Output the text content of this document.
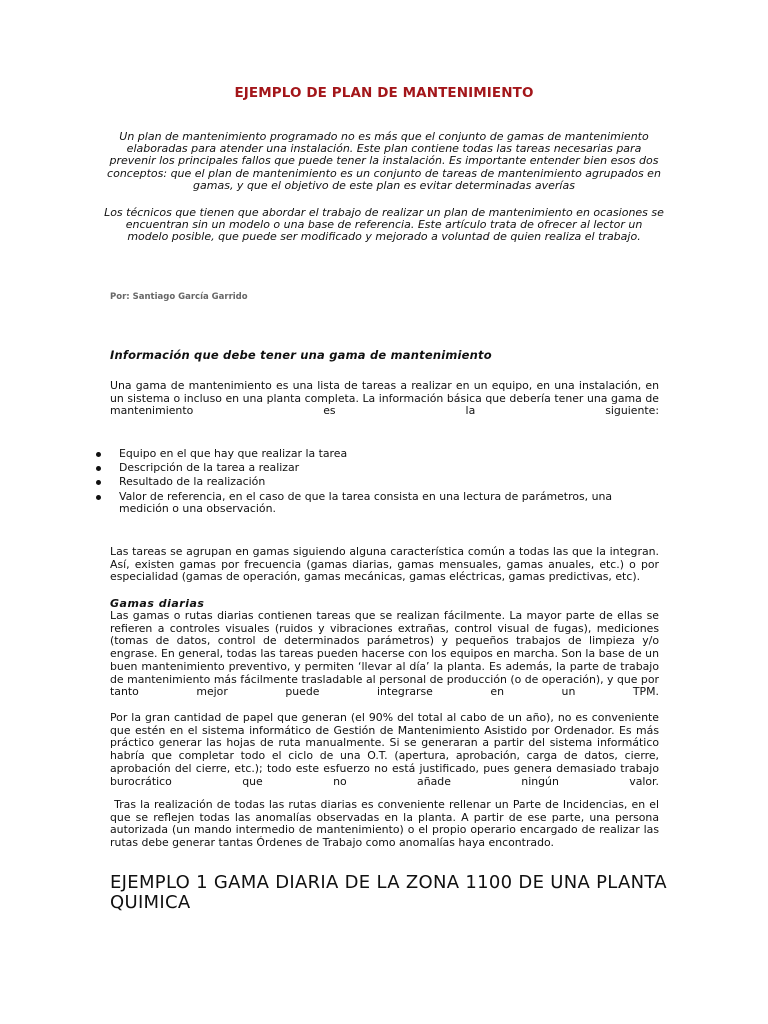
EJEMPLO DE PLAN DE MANTENIMIENTO

Un plan de mantenimiento programado no es más que el conjunto de gamas de mantenimiento elaboradas para atender una instalación. Este plan contiene todas las tareas necesarias para prevenir los principales fallos que puede tener la instalación. Es importante entender bien esos dos conceptos: que el plan de mantenimiento es un conjunto de tareas de mantenimiento agrupados en gamas, y que el objetivo de este plan es evitar determinadas averías

Los técnicos que tienen que abordar el trabajo de realizar un plan de mantenimiento en ocasiones se encuentran sin un modelo o una base de referencia. Este artículo trata de ofrecer al lector un modelo posible, que puede ser modificado y mejorado a voluntad de quien realiza el trabajo.

Por: Santiago García Garrido

Información que debe tener una gama de mantenimiento

Una gama de mantenimiento es una lista de tareas a realizar en un equipo, en una instalación, en un sistema o incluso en una planta completa. La información básica que debería tener una gama de mantenimiento es la siguiente:

Equipo en el que hay que realizar la tarea
Descripción de la tarea a realizar
Resultado de la realización
Valor de referencia, en el caso de que la tarea consista en una lectura de parámetros, una medición o una observación.

Las tareas se agrupan en gamas siguiendo alguna característica común a todas las que la integran. Así, existen gamas por frecuencia (gamas diarias, gamas mensuales, gamas anuales, etc.) o por especialidad (gamas de operación, gamas mecánicas, gamas eléctricas, gamas predictivas, etc).

Gamas diarias

Las gamas o rutas diarias contienen tareas que se realizan fácilmente. La mayor parte de ellas se refieren a controles visuales (ruidos y vibraciones extrañas, control visual de fugas), mediciones (tomas de datos, control de determinados parámetros) y pequeños trabajos de limpieza y/o engrase. En general, todas las tareas pueden hacerse con los equipos en marcha. Son la base de un buen mantenimiento preventivo, y permiten ‘llevar al día’ la planta. Es además, la parte de trabajo de mantenimiento más fácilmente trasladable al personal de producción (o de operación), y que por tanto mejor puede integrarse en un TPM.

Por la gran cantidad de papel que generan (el 90% del total al cabo de un año), no es conveniente que estén en el sistema informático de Gestión de Mantenimiento Asistido por Ordenador. Es más práctico generar las hojas de ruta manualmente. Si se generaran a partir del sistema informático habría que completar todo el ciclo de una O.T. (apertura, aprobación, carga de datos, cierre, aprobación del cierre, etc.); todo este esfuerzo no está justificado, pues genera demasiado trabajo burocrático que no añade ningún valor.

Tras la realización de todas las rutas diarias es conveniente rellenar un Parte de Incidencias, en el que se reflejen todas las anomalías observadas en la planta. A partir de ese parte, una persona autorizada (un mando intermedio de mantenimiento) o el propio operario encargado de realizar las rutas debe generar tantas Órdenes de Trabajo como anomalías haya encontrado.

EJEMPLO 1 GAMA DIARIA DE LA ZONA 1100 DE UNA PLANTA QUIMICA
